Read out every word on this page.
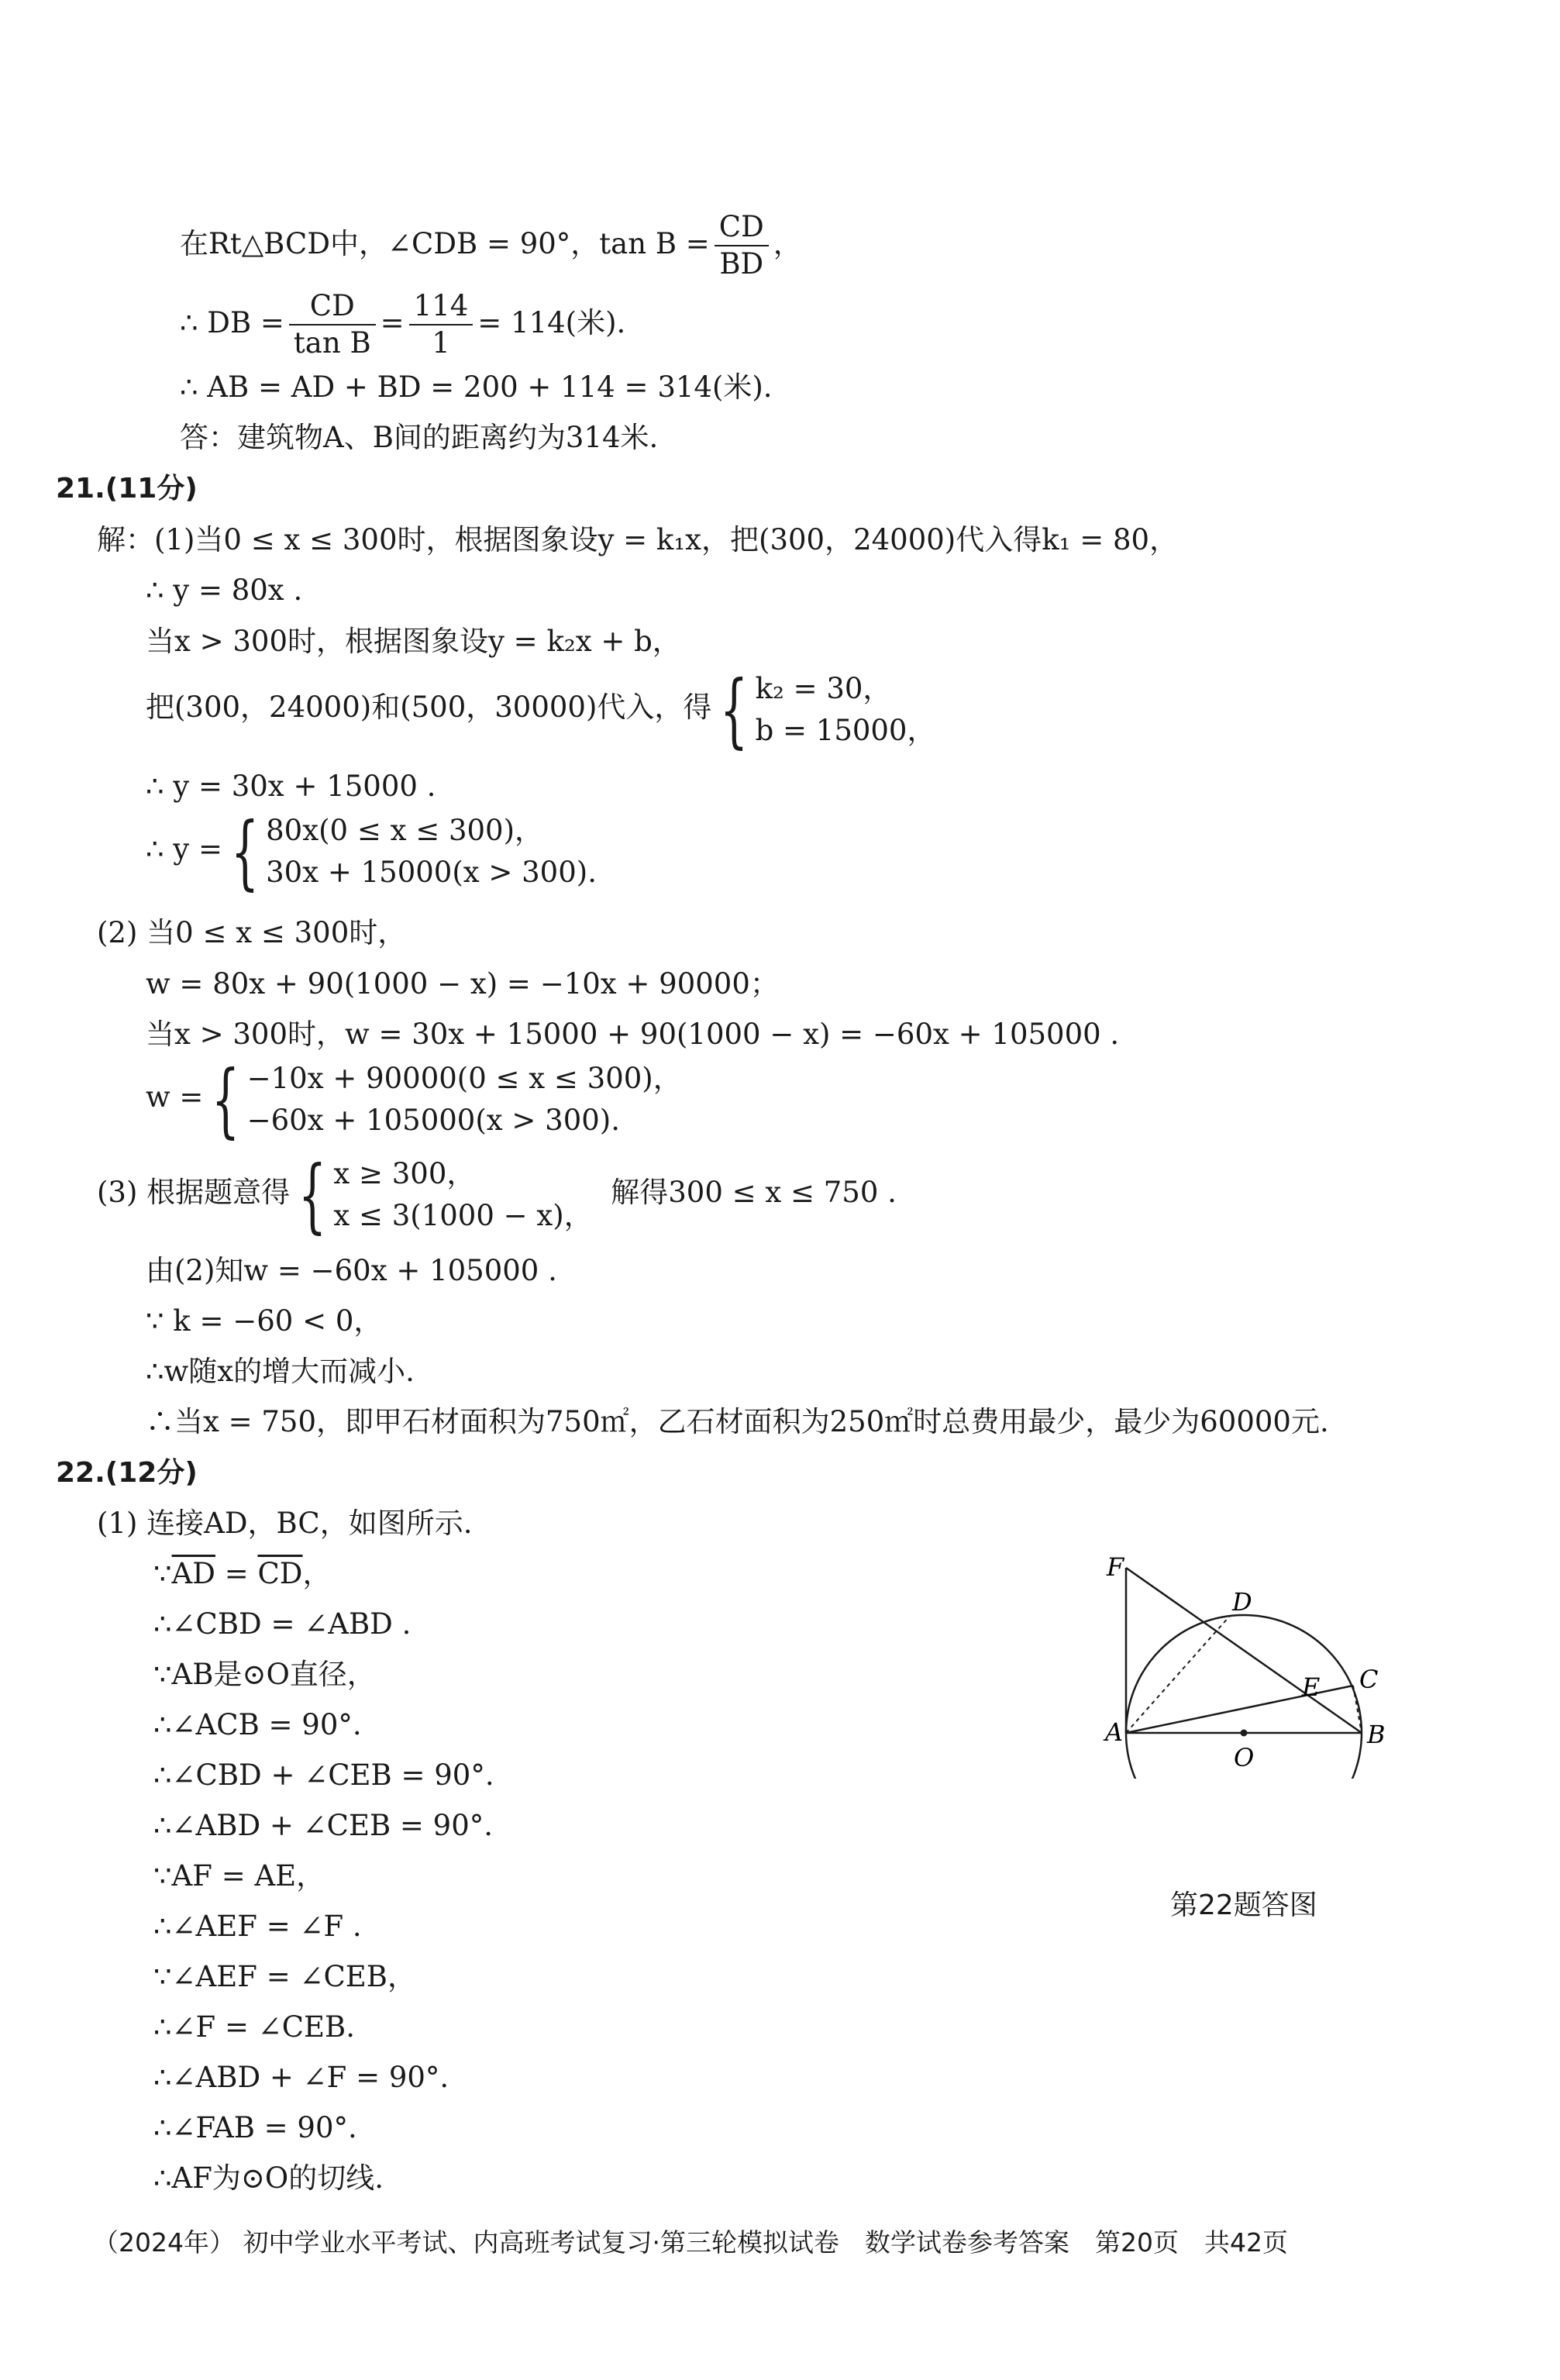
在Rt△BCD中，∠CDB = 90°，$\tan B = \frac{CD}{BD}$ ，
∴ DB = $\frac{CD}{\text{tan B}} = \frac{114}{1} = 114$(米).
∴ AB = AD + BD = 200 + 114 = 314(米).
答：建筑物A、B间的距离约为314米.
21.(11分)
解：(1)当0 ≤ x ≤ 300时，根据图象设y = k₁x，把(300，24000)代入得k₁ = 80，
∴ y = 80x .
当x > 300时，根据图象设y = k₂x + b，
把(300，24000)和(500，30000)代入，得 { k₂ = 30，
b = 15000，
∴ y = 30x + 15000 .
∴ y = { 80x(0 ≤ x ≤ 300)，
30x + 15000(x > 300).
(2) 当0 ≤ x ≤ 300时，
w = 80x + 90(1000 − x) = −10x + 90000；
当x > 300时，w = 30x + 15000 + 90(1000 − x) = −60x + 105000 .
w = { −10x + 90000(0 ≤ x ≤ 300)，
−60x + 105000(x > 300).
(3) 根据题意得 { x ≥ 300，
x ≤ 3(1000 − x)，
解得300 ≤ x ≤ 750 .
由(2)知w = −60x + 105000 .
∵ k = −60 < 0，
∴w随x的增大而减小.
∴当x = 750，即甲石材面积为750㎡，乙石材面积为250㎡时总费用最少，最少为60000元.
22.(12分)
(1) 连接AD，BC，如图所示.
$\because\overline{AD} = \overline{CD}$，
∴∠CBD = ∠ABD .
∵AB是⊙O直径，
∴∠ACB = 90°.
∴∠CBD + ∠CEB = 90°.
∴∠ABD + ∠CEB = 90°.
∵AF = AE，
∴∠AEF = ∠F .
∵∠AEF = ∠CEB，
∴∠F = ∠CEB.
∴∠ABD + ∠F = 90°.
∴∠FAB = 90°.
∴AF为⊙O的切线.
F
D
E C
A	B
O
第22题答图
（2024年） 初中学业水平考试、内高班考试复习·第三轮模拟试卷　数学试卷参考答案　第20页　共42页
